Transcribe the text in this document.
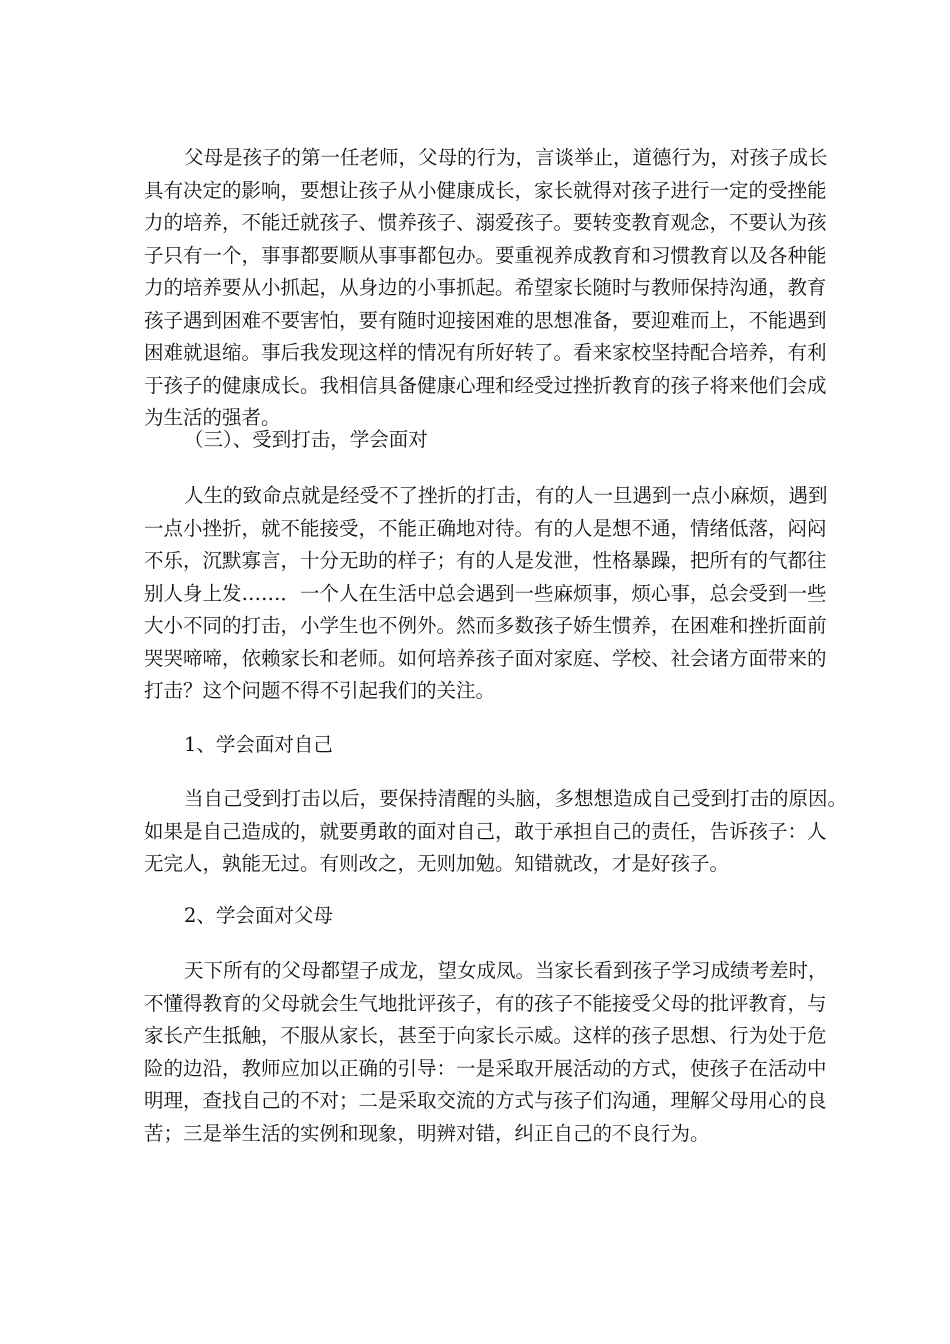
父母是孩子的第一任老师，父母的行为，言谈举止，道德行为，对孩子成长
具有决定的影响，要想让孩子从小健康成长，家长就得对孩子进行一定的受挫能
力的培养，不能迁就孩子、惯养孩子、溺爱孩子。要转变教育观念，不要认为孩
子只有一个，事事都要顺从事事都包办。要重视养成教育和习惯教育以及各种能
力的培养要从小抓起，从身边的小事抓起。希望家长随时与教师保持沟通，教育
孩子遇到困难不要害怕，要有随时迎接困难的思想准备，要迎难而上，不能遇到
困难就退缩。事后我发现这样的情况有所好转了。看来家校坚持配合培养，有利
于孩子的健康成长。我相信具备健康心理和经受过挫折教育的孩子将来他们会成
为生活的强者。
（三）、受到打击，学会面对
人生的致命点就是经受不了挫折的打击，有的人一旦遇到一点小麻烦，遇到
一点小挫折，就不能接受，不能正确地对待。有的人是想不通，情绪低落，闷闷
不乐，沉默寡言，十分无助的样子；有的人是发泄，性格暴躁，把所有的气都往
别人身上发……．一个人在生活中总会遇到一些麻烦事，烦心事，总会受到一些
大小不同的打击，小学生也不例外。然而多数孩子娇生惯养，在困难和挫折面前
哭哭啼啼，依赖家长和老师。如何培养孩子面对家庭、学校、社会诸方面带来的
打击？这个问题不得不引起我们的关注。
1、学会面对自己
当自己受到打击以后，要保持清醒的头脑，多想想造成自己受到打击的原因。
如果是自己造成的，就要勇敢的面对自己，敢于承担自己的责任，告诉孩子：人
无完人，孰能无过。有则改之，无则加勉。知错就改，才是好孩子。
2、学会面对父母
天下所有的父母都望子成龙，望女成凤。当家长看到孩子学习成绩考差时，
不懂得教育的父母就会生气地批评孩子，有的孩子不能接受父母的批评教育，与
家长产生抵触，不服从家长，甚至于向家长示威。这样的孩子思想、行为处于危
险的边沿，教师应加以正确的引导：一是采取开展活动的方式，使孩子在活动中
明理，查找自己的不对；二是采取交流的方式与孩子们沟通，理解父母用心的良
苦；三是举生活的实例和现象，明辨对错，纠正自己的不良行为。
